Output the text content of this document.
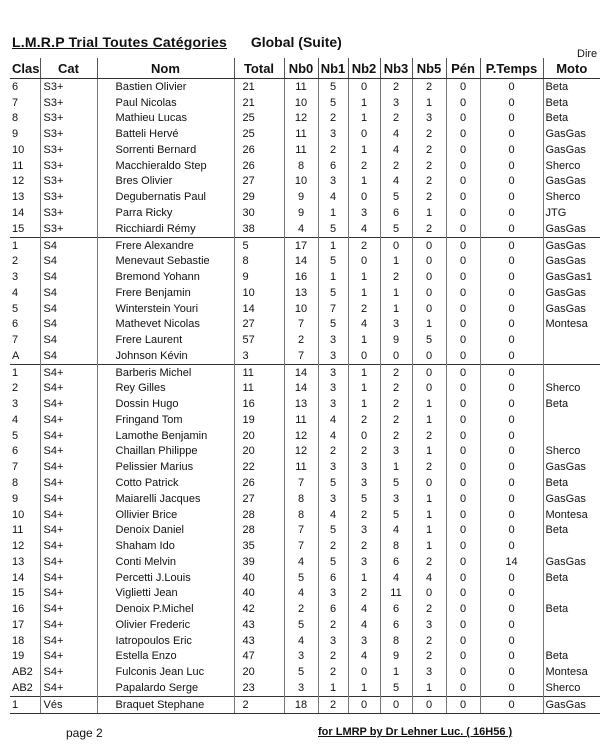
L.M.R.P Trial Toutes Catégories Global (Suite)
Dire
Clas	Cat	Nom	Total	Nb0	Nb1	Nb2	Nb3	Nb5	Pén	P.Temps	Moto
6	S3+	Bastien Olivier	21	11	5	0	2	2	0	0	Beta
7	S3+	Paul Nicolas	21	10	5	1	3	1	0	0	Beta
8	S3+	Mathieu Lucas	25	12	2	1	2	3	0	0	Beta
9	S3+	Batteli Hervé	25	11	3	0	4	2	0	0	GasGas
10	S3+	Sorrenti Bernard	26	11	2	1	4	2	0	0	GasGas
11	S3+	Macchieraldo Step	26	8	6	2	2	2	0	0	Sherco
12	S3+	Bres Olivier	27	10	3	1	4	2	0	0	GasGas
13	S3+	Degubernatis Paul	29	9	4	0	5	2	0	0	Sherco
14	S3+	Parra Ricky	30	9	1	3	6	1	0	0	JTG
15	S3+	Ricchiardi Rémy	38	4	5	4	5	2	0	0	GasGas
1	S4	Frere Alexandre	5	17	1	2	0	0	0	0	GasGas
2	S4	Menevaut Sebastie	8	14	5	0	1	0	0	0	GasGas
3	S4	Bremond Yohann	9	16	1	1	2	0	0	0	GasGas1
4	S4	Frere Benjamin	10	13	5	1	1	0	0	0	GasGas
5	S4	Winterstein Youri	14	10	7	2	1	0	0	0	GasGas
6	S4	Mathevet Nicolas	27	7	5	4	3	1	0	0	Montesa
7	S4	Frere Laurent	57	2	3	1	9	5	0	0	
A	S4	Johnson Kévin	3	7	3	0	0	0	0	0	
1	S4+	Barberis Michel	11	14	3	1	2	0	0	0	
2	S4+	Rey Gilles	11	14	3	1	2	0	0	0	Sherco
3	S4+	Dossin Hugo	16	13	3	1	2	1	0	0	Beta
4	S4+	Fringand Tom	19	11	4	2	2	1	0	0	
5	S4+	Lamothe Benjamin	20	12	4	0	2	2	0	0	
6	S4+	Chaillan Philippe	20	12	2	2	3	1	0	0	Sherco
7	S4+	Pelissier Marius	22	11	3	3	1	2	0	0	GasGas
8	S4+	Cotto Patrick	26	7	5	3	5	0	0	0	Beta
9	S4+	Maiarelli Jacques	27	8	3	5	3	1	0	0	GasGas
10	S4+	Ollivier Brice	28	8	4	2	5	1	0	0	Montesa
11	S4+	Denoix Daniel	28	7	5	3	4	1	0	0	Beta
12	S4+	Shaham Ido	35	7	2	2	8	1	0	0	
13	S4+	Conti Melvin	39	4	5	3	6	2	0	14	GasGas
14	S4+	Percetti J.Louis	40	5	6	1	4	4	0	0	Beta
15	S4+	Viglietti Jean	40	4	3	2	11	0	0	0	
16	S4+	Denoix P.Michel	42	2	6	4	6	2	0	0	Beta
17	S4+	Olivier Frederic	43	5	2	4	6	3	0	0	
18	S4+	Iatropoulos Eric	43	4	3	3	8	2	0	0	
19	S4+	Estella Enzo	47	3	2	4	9	2	0	0	Beta
AB2	S4+	Fulconis Jean Luc	20	5	2	0	1	3	0	0	Montesa
AB2	S4+	Papalardo Serge	23	3	1	1	5	1	0	0	Sherco
1	Vés	Braquet Stephane	2	18	2	0	0	0	0	0	GasGas
page 2	for LMRP by Dr Lehner Luc. ( 16H56 )
